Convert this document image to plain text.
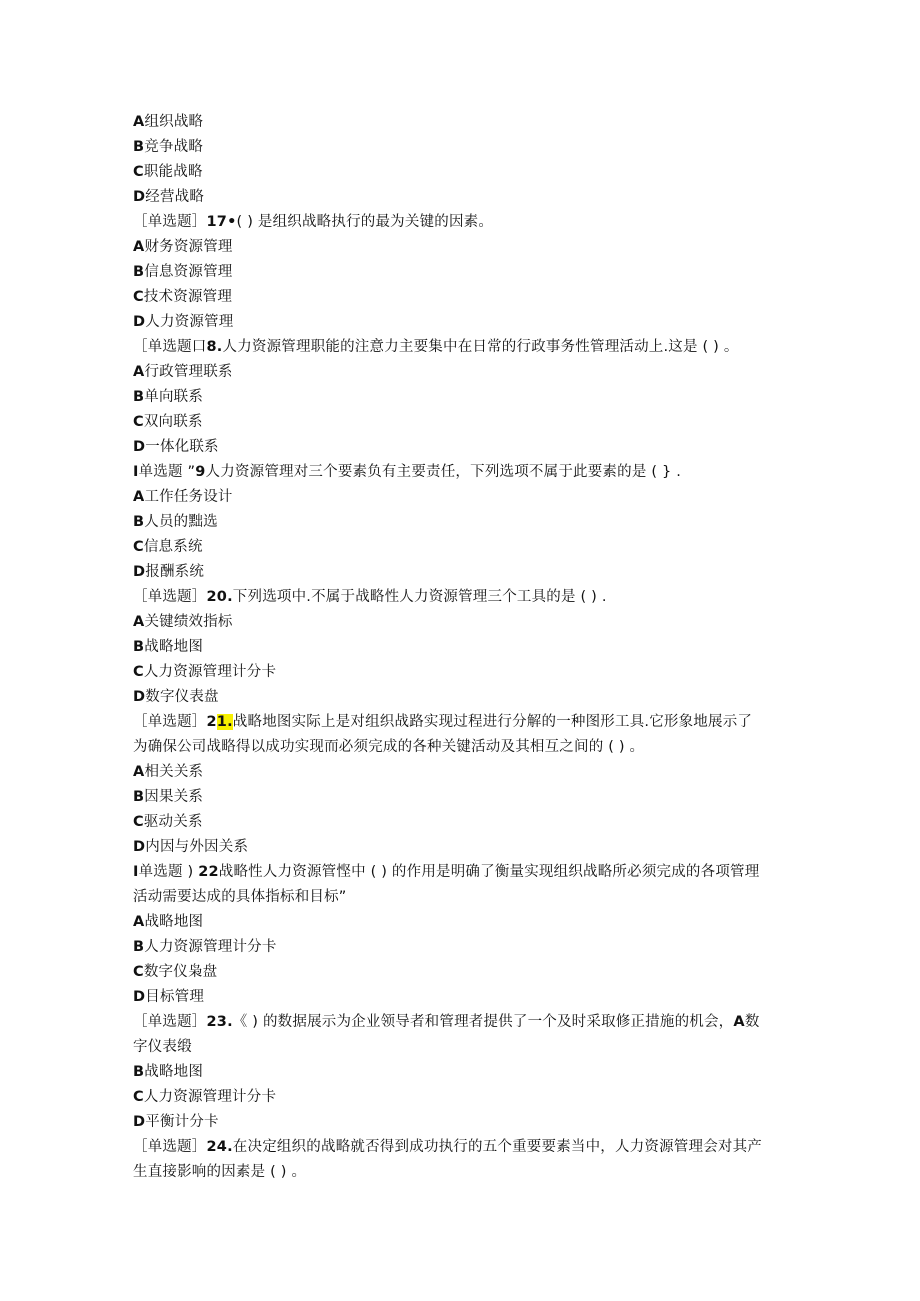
A组织战略
B竞争战略
C职能战略
D经营战略
［单选题］17•( ) 是组织战略执行的最为关键的因素。
A财务资源管理
B信息资源管理
C技术资源管理
D人力资源管理
［单选题口8.人力资源管理职能的注意力主要集中在日常的行政事务性管理活动上.这是 ( ) 。
A行政管理联系
B单向联系
C双向联系
D一体化联系
I单选题 ”9人力资源管理对三个要素负有主要责任，下列选项不属于此要素的是 ( } .
A工作任务设计
B人员的黜选
C信息系统
D报酬系统
［单选题］20.下列选项中.不属于战略性人力资源管理三个工具的是 ( ) .
A关键绩效指标
B战略地图
C人力资源管理计分卡
D数字仪表盘
［单选题］21.战略地图实际上是对组织战路实现过程进行分解的一种图形工具.它形象地展示了
为确保公司战略得以成功实现而必须完成的各种关键活动及其相互之间的 ( ) 。
A相关关系
B因果关系
C驱动关系
D内因与外因关系
I单选题 ) 22战略性人力资源管悭中 ( ) 的作用是明确了衡量实现组织战略所必须完成的各项管理
活动需要达成的具体指标和目标”
A战略地图
B人力资源管理计分卡
C数字仪枭盘
D目标管理
［单选题］23.《 ) 的数据展示为企业领导者和管理者提供了一个及时采取修正措施的机会，A数
字仪表缎
B战略地图
C人力资源管理计分卡
D平衡计分卡
［单选题］24.在决定组织的战略就否得到成功执行的五个重要要素当中，人力资源管理会对其产
生直接影响的因素是 ( ) 。
